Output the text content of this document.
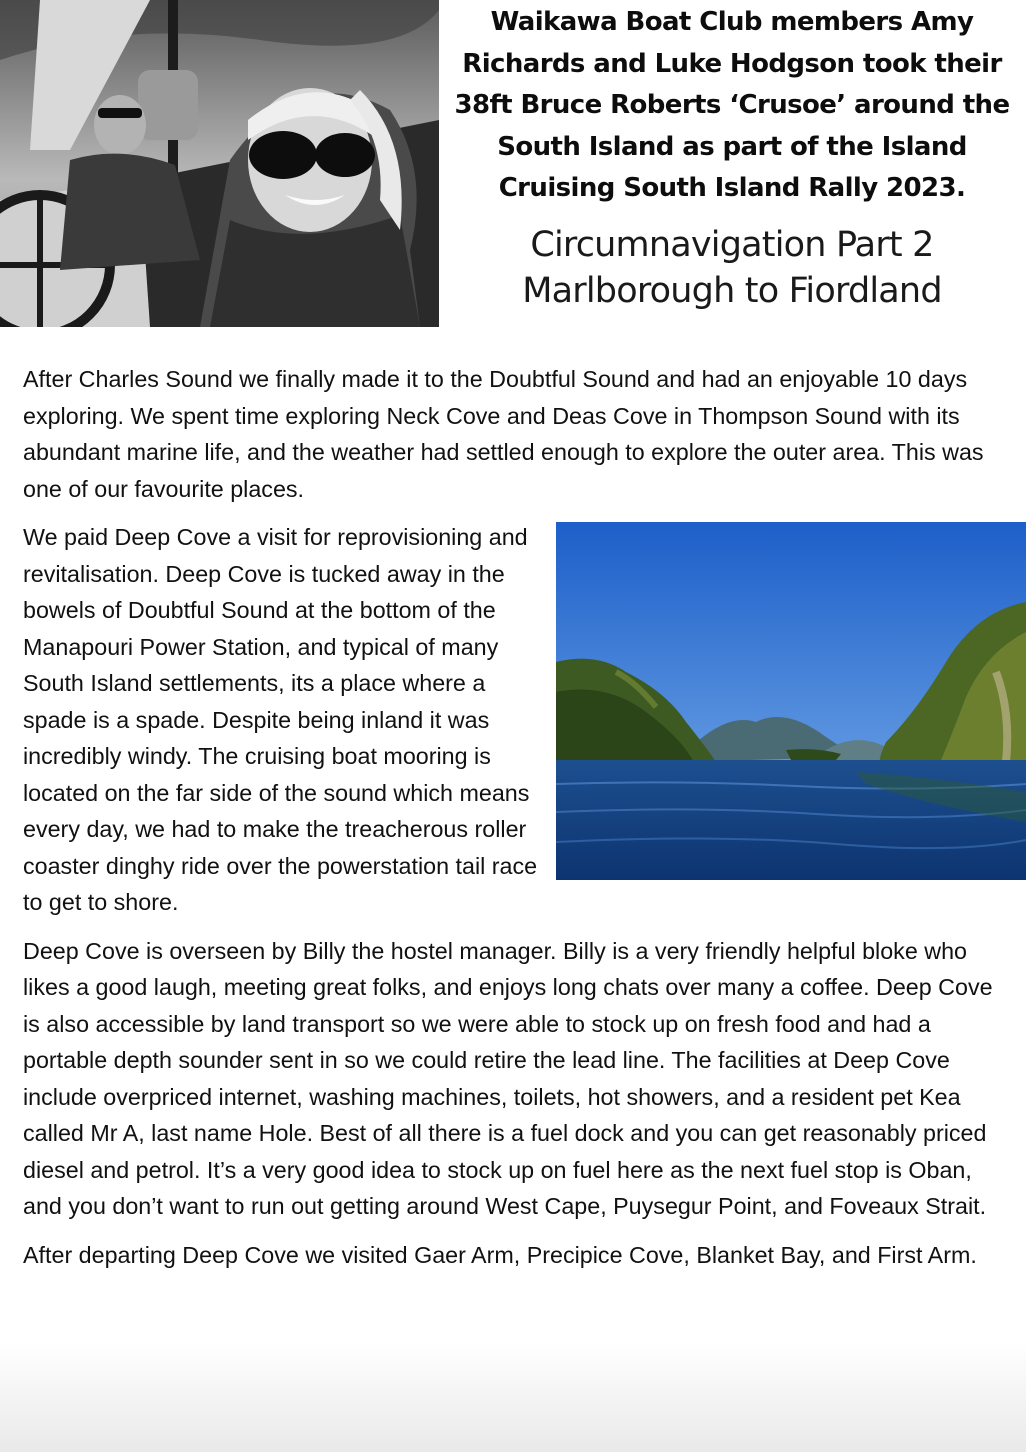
Waikawa Boat Club members Amy Richards and Luke Hodgson took their 38ft Bruce Roberts ‘Crusoe’ around the South Island as part of the Island Cruising South Island Rally 2023.

Circumnavigation Part 2
Marlborough to Fiordland

After Charles Sound we finally made it to the Doubtful Sound and had an enjoyable 10 days exploring. We spent time exploring Neck Cove and Deas Cove in Thompson Sound with its abundant marine life, and the weather had settled enough to explore the outer area. This was one of our favourite places.

We paid Deep Cove a visit for reprovisioning and revitalisation. Deep Cove is tucked away in the bowels of Doubtful Sound at the bottom of the Manapouri Power Station, and typical of many South Island settlements, its a place where a spade is a spade. Despite being inland it was incredibly windy. The cruising boat mooring is located on the far side of the sound which means every day, we had to make the treacherous roller coaster dinghy ride over the powerstation tail race to get to shore.

Deep Cove is overseen by Billy the hostel manager. Billy is a very friendly helpful bloke who likes a good laugh, meeting great folks, and enjoys long chats over many a coffee. Deep Cove is also accessible by land transport so we were able to stock up on fresh food and had a portable depth sounder sent in so we could retire the lead line. The facilities at Deep Cove include overpriced internet, washing machines, toilets, hot showers, and a resident pet Kea called Mr A, last name Hole. Best of all there is a fuel dock and you can get reasonably priced diesel and petrol. It’s a very good idea to stock up on fuel here as the next fuel stop is Oban, and you don’t want to run out getting around West Cape, Puysegur Point, and Foveaux Strait.

After departing Deep Cove we visited Gaer Arm, Precipice Cove, Blanket Bay, and First Arm.
